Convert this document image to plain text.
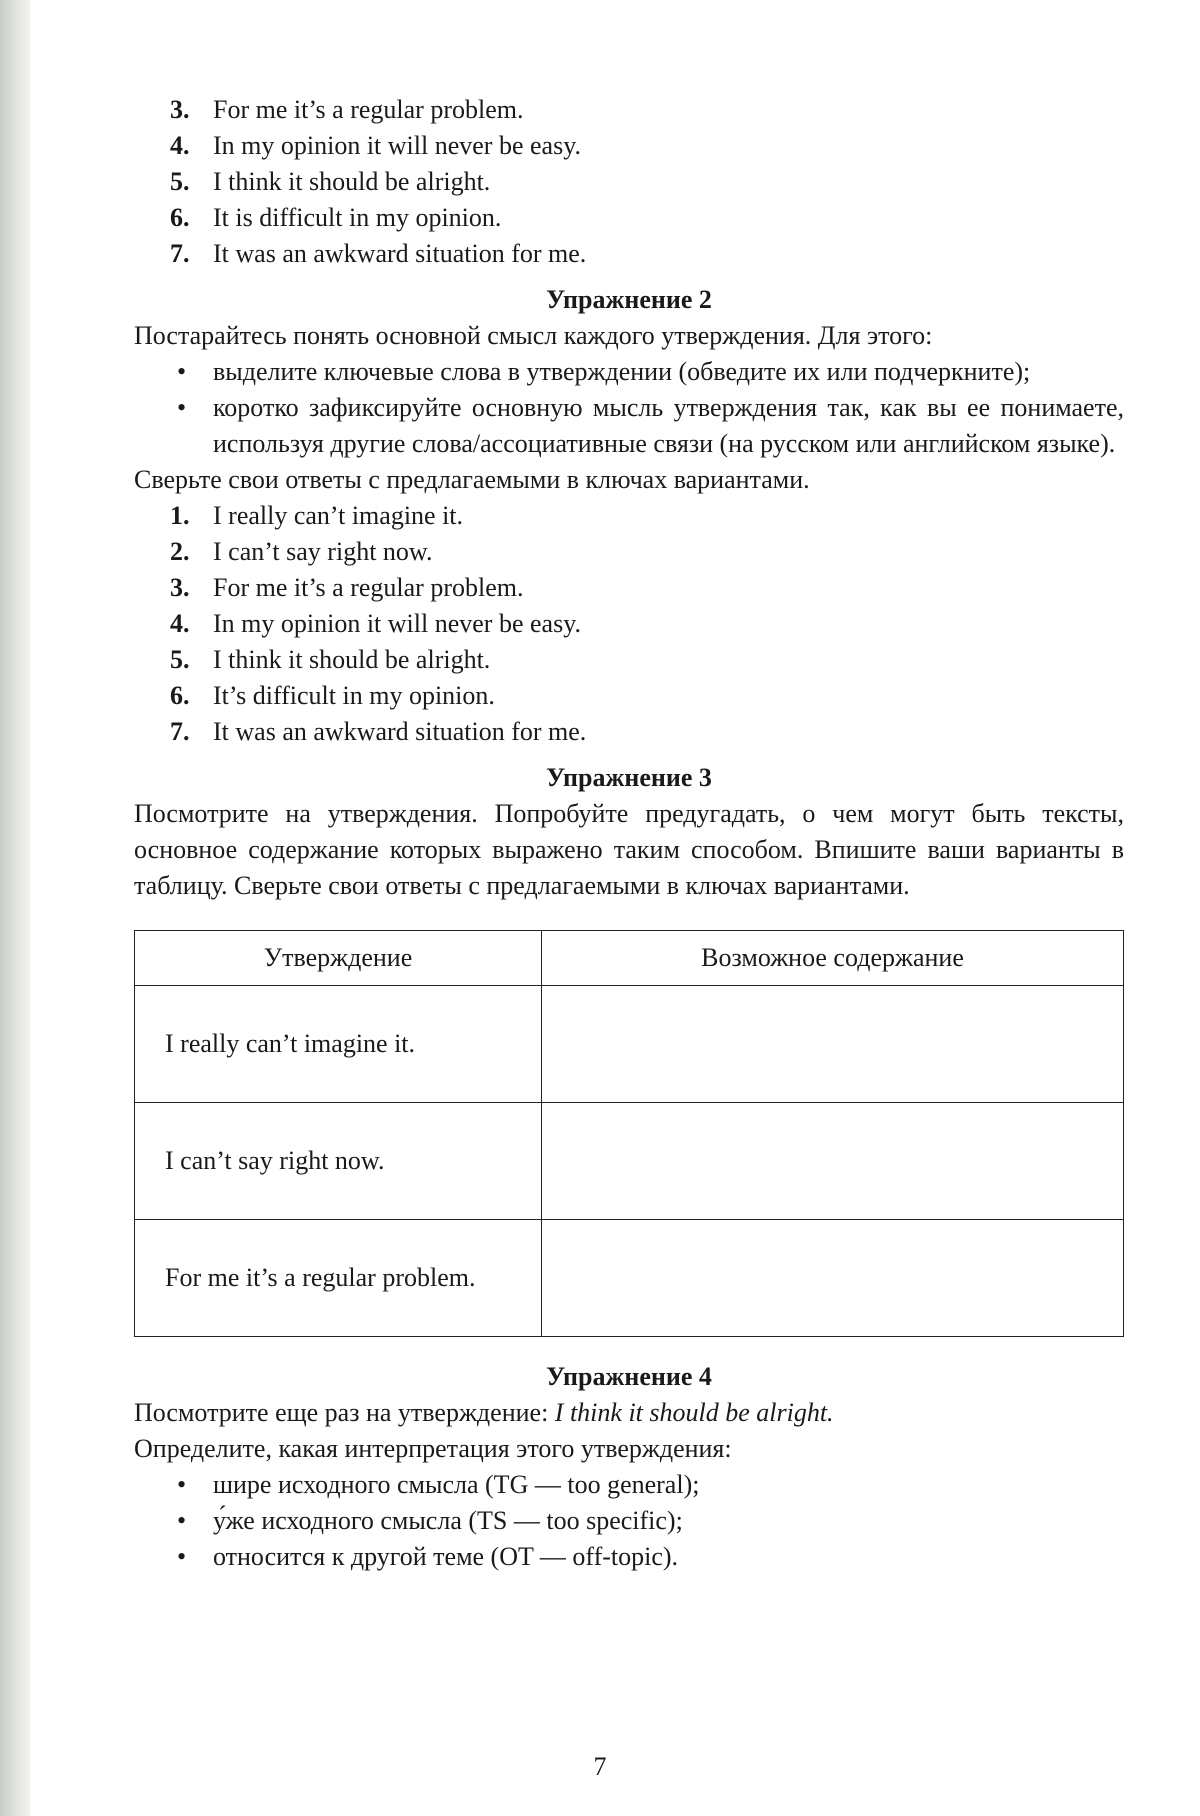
3. For me it’s a regular problem.
4. In my opinion it will never be easy.
5. I think it should be alright.
6. It is difficult in my opinion.
7. It was an awkward situation for me.
Упражнение 2

Постарайтесь понять основной смысл каждого утверждения. Для этого:

• выделите ключевые слова в утверждении (обведите их или подчеркните);
• коротко зафиксируйте основную мысль утверждения так, как вы ее понимаете, используя другие слова/ассоциативные связи (на русском или английском языке).

Сверьте свои ответы с предлагаемыми в ключах вариантами.

1. I really can’t imagine it.
2. I can’t say right now.
3. For me it’s a regular problem.
4. In my opinion it will never be easy.
5. I think it should be alright.
6. It’s difficult in my opinion.
7. It was an awkward situation for me.
Упражнение 3

Посмотрите на утверждения. Попробуйте предугадать, о чем могут быть тексты, основное содержание которых выражено таким способом. Впишите ваши варианты в таблицу. Сверьте свои ответы с предлагаемыми в ключах вариантами.

Утверждение	Возможное содержание
I really can’t imagine it.	
I can’t say right now.	
For me it’s a regular problem.	
Упражнение 4

Посмотрите еще раз на утверждение: I think it should be alright.

Определите, какая интерпретация этого утверждения:

• шире исходного смысла (TG — too general);
• у́же исходного смысла (TS — too specific);
• относится к другой теме (OT — off-topic).
7
